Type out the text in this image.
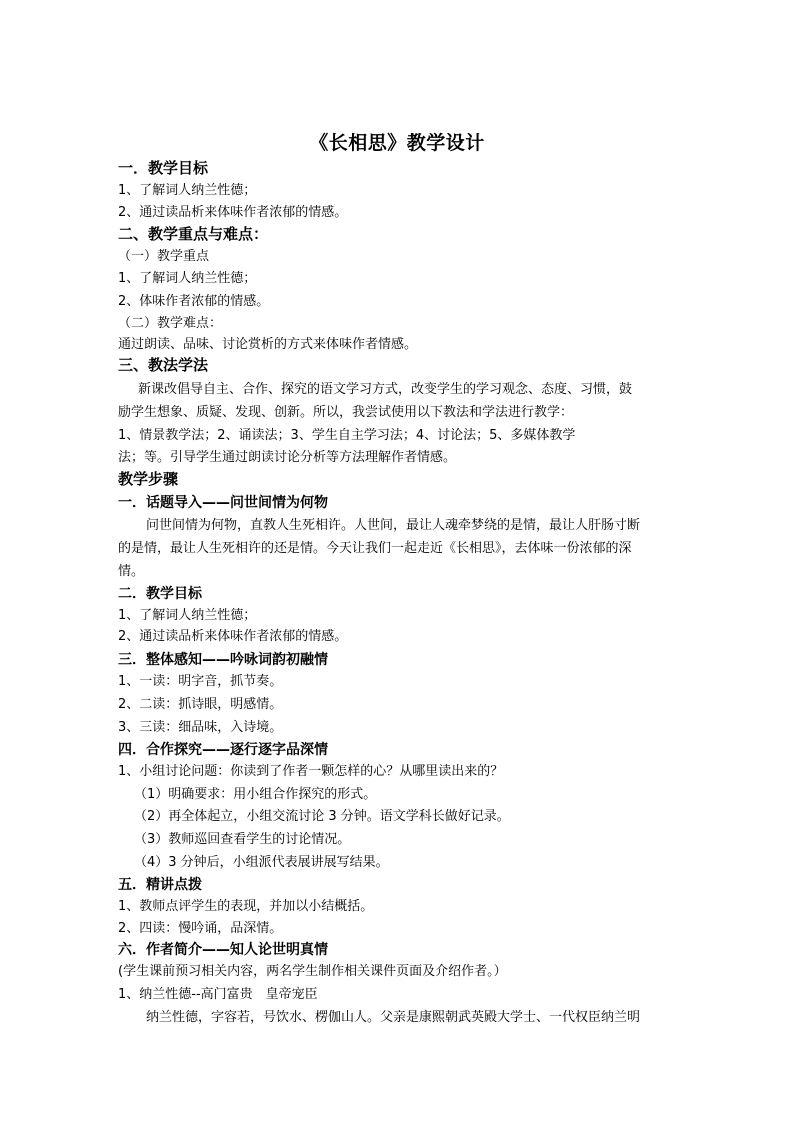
《长相思》教学设计
一．教学目标
1、了解词人纳兰性德；
2、通过读品析来体味作者浓郁的情感。
二、教学重点与难点：
（一）教学重点
1、了解词人纳兰性德；
2、体味作者浓郁的情感。
（二）教学难点：
通过朗读、品味、讨论赏析的方式来体味作者情感。
三、教法学法
新课改倡导自主、合作、探究的语文学习方式，改变学生的学习观念、态度、习惯，鼓
励学生想象、质疑、发现、创新。所以，我尝试使用以下教法和学法进行教学：
1、情景教学法；2、诵读法；3、学生自主学习法；4、讨论法；5、多媒体教学
法；等。引导学生通过朗读讨论分析等方法理解作者情感。
教学步骤
一．话题导入——问世间情为何物
问世间情为何物，直教人生死相许。人世间，最让人魂牵梦绕的是情，最让人肝肠寸断
的是情，最让人生死相许的还是情。今天让我们一起走近《长相思》，去体味一份浓郁的深
情。
二．教学目标
1、了解词人纳兰性德；
2、通过读品析来体味作者浓郁的情感。
三．整体感知——吟咏词韵初融情
1、一读：明字音，抓节奏。
2、二读：抓诗眼，明感情。
3、三读：细品味，入诗境。
四．合作探究——逐行逐字品深情
1、小组讨论问题：你读到了作者一颗怎样的心？从哪里读出来的？
（1）明确要求：用小组合作探究的形式。
（2）再全体起立，小组交流讨论 3 分钟。语文学科长做好记录。
（3）教师巡回查看学生的讨论情况。
（4）3 分钟后，小组派代表展讲展写结果。
五．精讲点拨
1、教师点评学生的表现，并加以小结概括。
2、四读：慢吟诵，品深情。
六．作者简介——知人论世明真情
(学生课前预习相关内容，两名学生制作相关课件页面及介绍作者。）
1、纳兰性德--高门富贵　皇帝宠臣
纳兰性德，字容若，号饮水、楞伽山人。父亲是康熙朝武英殿大学士、一代权臣纳兰明
